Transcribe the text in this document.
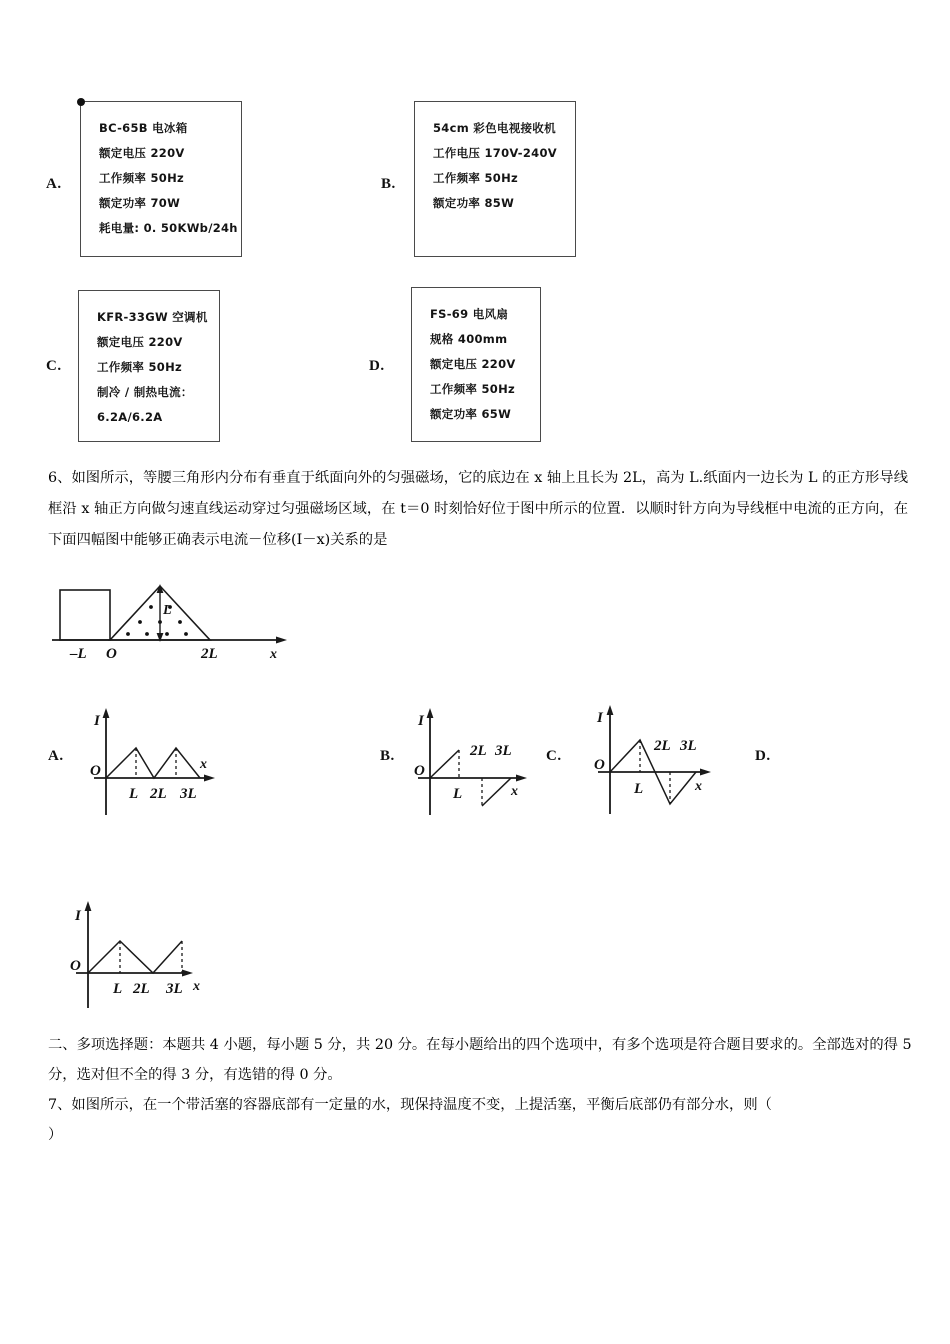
A.
BC-65B 电冰箱
额定电压 220V
工作频率 50Hz
额定功率 70W
耗电量: 0. 50KWb/24h
B.
54cm 彩色电视接收机
工作电压 170V-240V
工作频率 50Hz
额定功率 85W
C.
KFR-33GW 空调机
额定电压 220V
工作频率 50Hz
制冷 / 制热电流：
6.2A/6.2A
D.
FS-69 电风扇
规格 400mm
额定电压 220V
工作频率 50Hz
额定功率 65W
6、如图所示，等腰三角形内分布有垂直于纸面向外的匀强磁场，它的底边在 x 轴上且长为 2L，高为 L.纸面内一边长为 L 的正方形导线框沿 x 轴正方向做匀速直线运动穿过匀强磁场区域，在 t＝0 时刻恰好位于图中所示的位置．以顺时针方向为导线框中电流的正方向，在下面四幅图中能够正确表示电流－位移(I－x)关系的是
–L O	2L	x
L
A.
I
O
L 2L 3L
x
B.
I
O
L
2L 3L
x
C.
I
O
L
2L 3L
x
D.
I
O
L 2L 3L x
二、多项选择题：本题共 4 小题，每小题 5 分，共 20 分。在每小题给出的四个选项中，有多个选项是符合题目要求的。全部选对的得 5 分，选对但不全的得 3 分，有选错的得 0 分。
7、如图所示，在一个带活塞的容器底部有一定量的水，现保持温度不变，上提活塞，平衡后底部仍有部分水，则（
）
